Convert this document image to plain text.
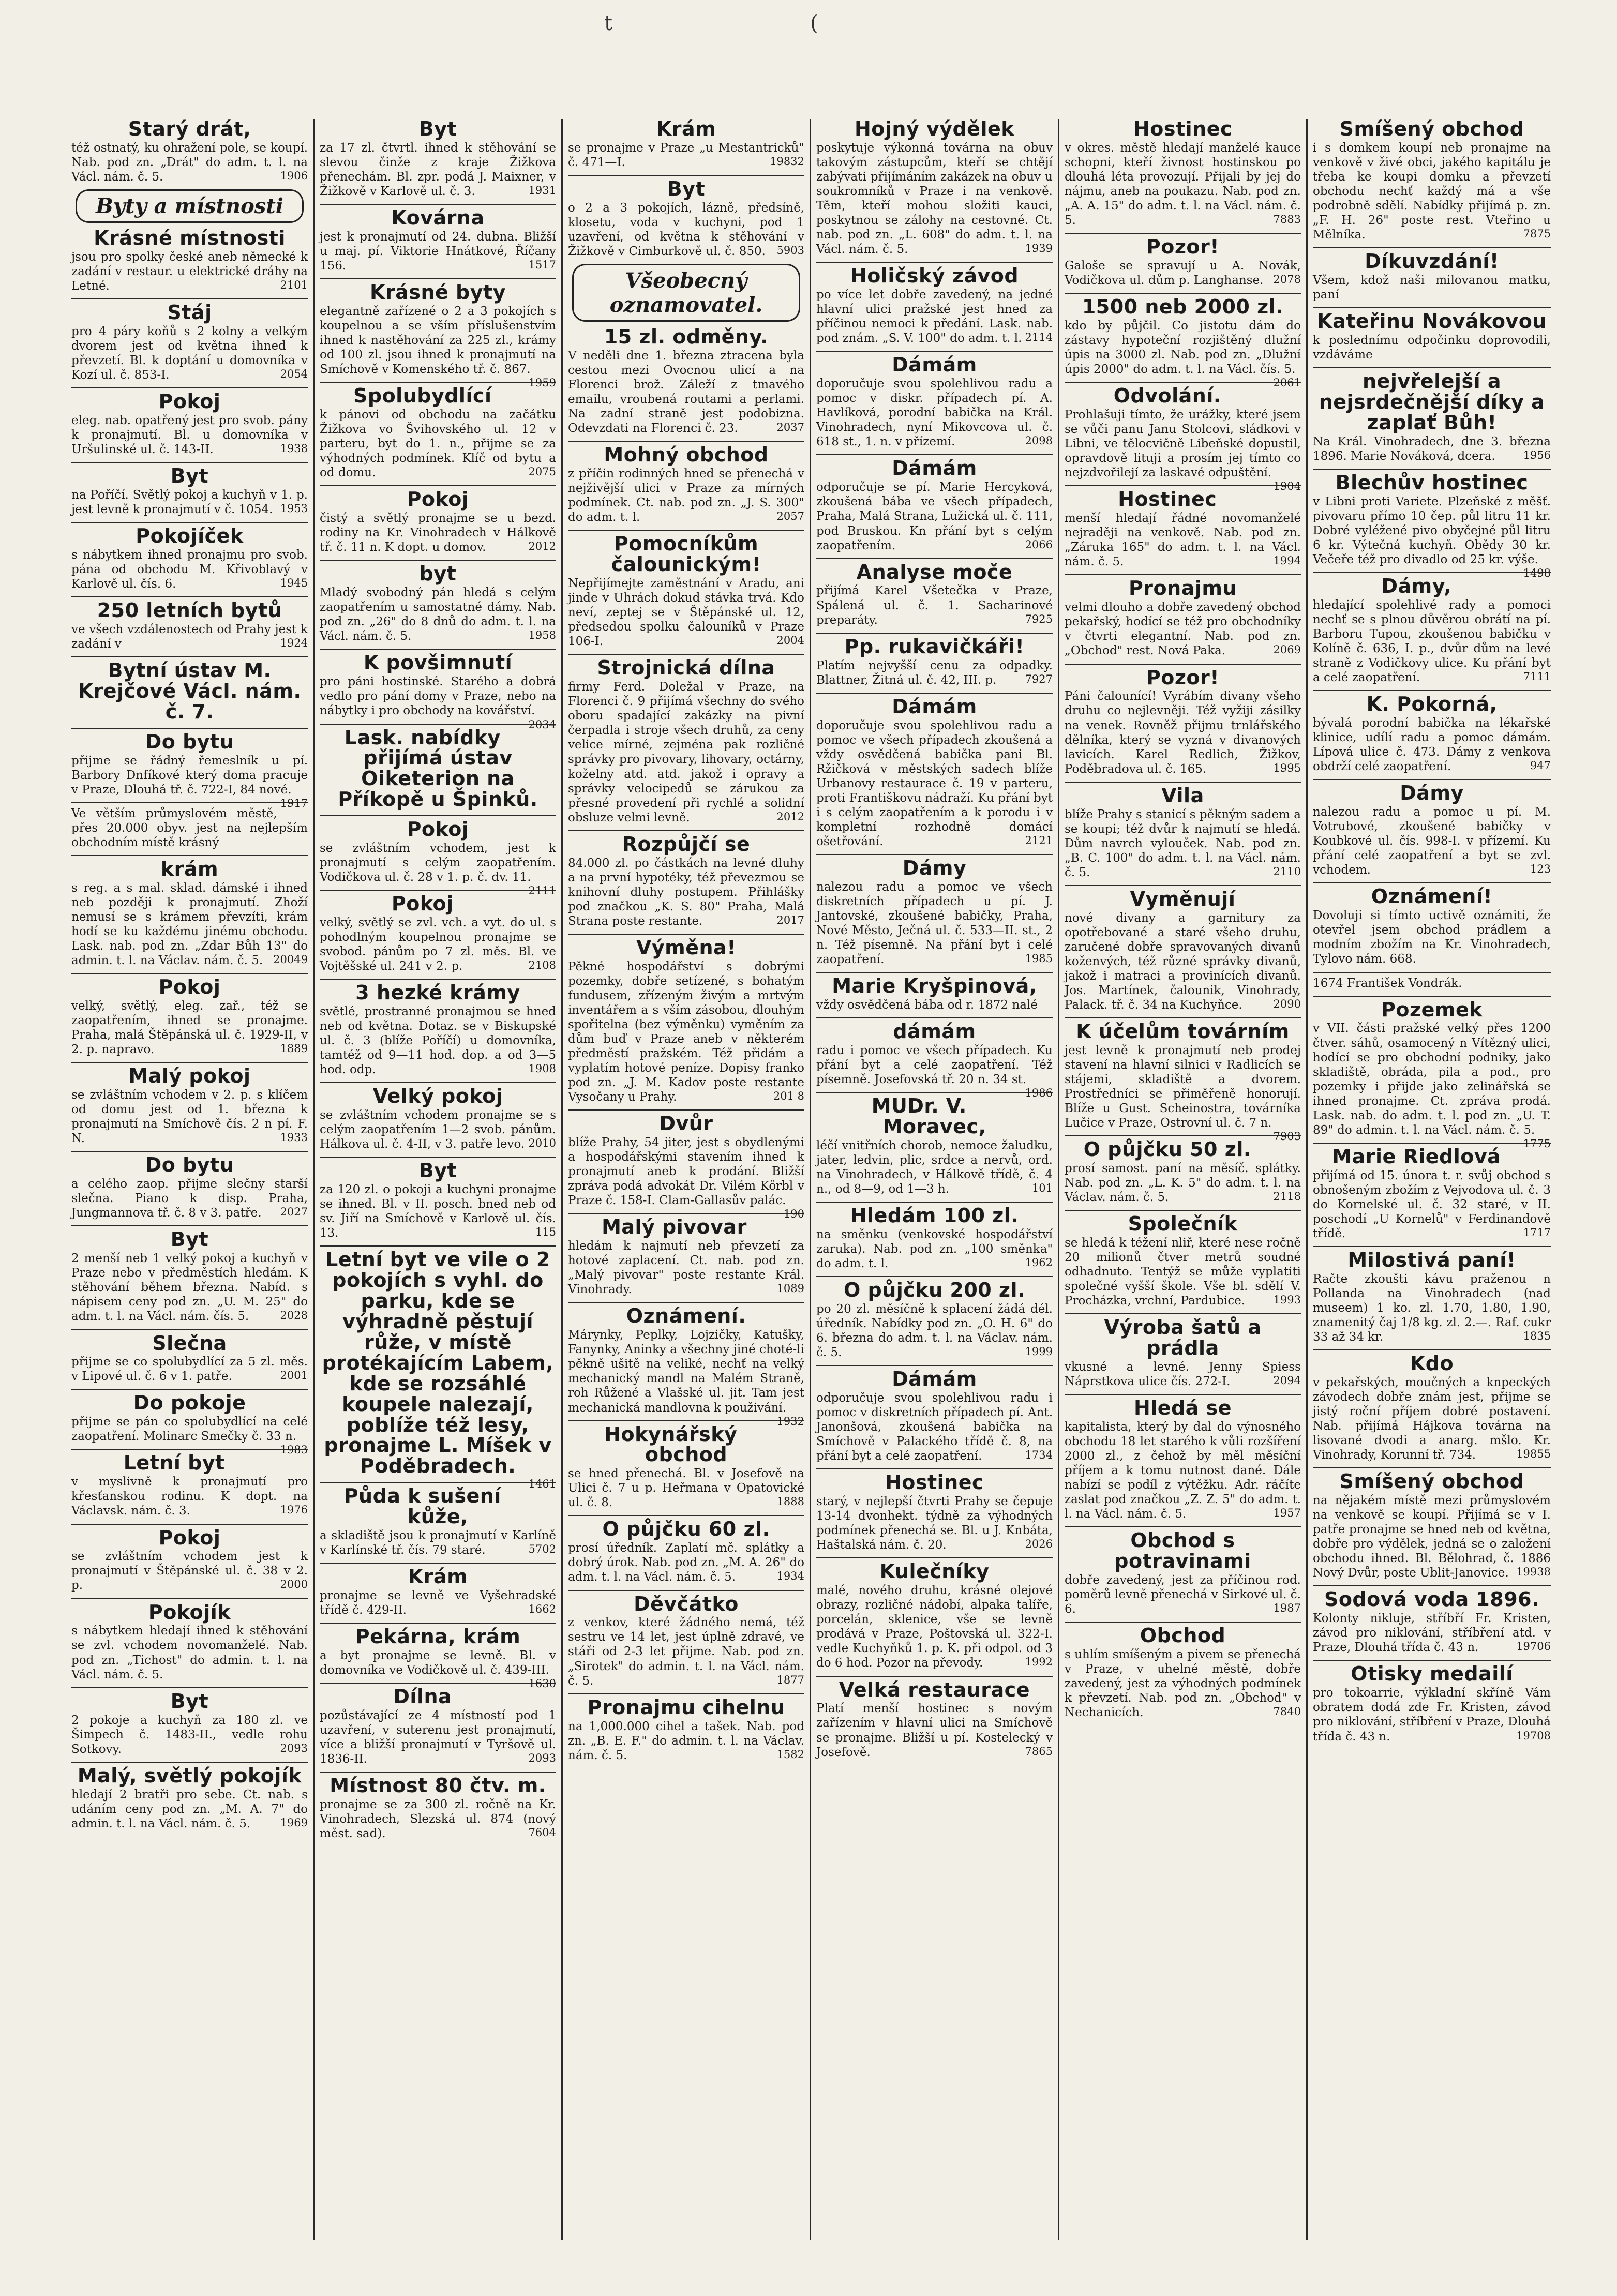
t	(
Starý drát,

též ostnatý, ku ohražení pole, se koupí. Nab. pod zn. „Drát" do adm. t. l. na Václ. nám. č. 5.	1906

Byty a místnosti
Krásné místnosti

jsou pro spolky české aneb německé k zadání v restaur. u elektrické dráhy na Letné.	2101

Stáj

pro 4 páry koňů s 2 kolny a velkým dvorem jest od května ihned k převzetí. Bl. k doptání u domovníka v Kozí ul. č. 853-I.	2054

Pokoj

eleg. nab. opatřený jest pro svob. pány k pronajmutí. Bl. u domovníka v Uršulinské ul. č. 143-II.	1938

Byt

na Poříčí. Světlý pokoj a kuchyň v 1. p. jest levně k pronajmutí v č. 1054. 1953

Pokojíček

s nábytkem ihned pronajmu pro svob. pána od obchodu M. Křivoblavý v Karlově ul. čís. 6.	1945

250 letních bytů

ve všech vzdálenostech od Prahy jest k zadání v	1924

Bytní ústav M. Krejčové Václ. nám. č. 7.
Do bytu

přijme se řádný řemeslník u pí. Barbory Dnfíkové který doma pracuje v Praze, Dlouhá tř. č. 722-I, 84 nové.
1917

Ve větším průmyslovém městě, přes 20.000 obyv. jest na nejlepším obchodním místě krásný

krám

s reg. a s mal. sklad. dámské i ihned neb později k pronajmutí. Zhoží nemusí se s krámem převzíti, krám hodí se ku každému jinému obchodu. Lask. nab. pod zn. „Zdar Bůh 13" do admin. t. l. na Václav. nám. č. 5. 20049

Pokoj

velký, světlý, eleg. zař., též se zaopatřením, ihned se pronajme. Praha, malá Štěpánská ul. č. 1929-II, v 2. p. napravo.	1889

Malý pokoj

se zvláštním vchodem v 2. p. s klíčem od domu jest od 1. března k pronajmutí na Smíchově čís. 2 n pí. F. N.	1933

Do bytu

a celého zaop. přijme slečny starší slečna. Piano k disp. Praha, Jungmannova tř. č. 8 v 3. patře. 2027

Byt

2 menší neb 1 velký pokoj a kuchyň v Praze nebo v předměstích hledám. K stěhování během března. Nabíd. s nápisem ceny pod zn. „U. M. 25" do adm. t. l. na Václ. nám. čís. 5.	2028

Slečna

přijme se co spolubydlící za 5 zl. měs. v Lipové ul. č. 6 v 1. patře.	2001

Do pokoje

přijme se pán co spolubydlící na celé zaopatření. Molinarc Smečky č. 33 n.
1983

Letní byt

v myslivně k pronajmutí pro křesťanskou rodinu. K dopt. na Václavsk. nám. č. 3.	1976

Pokoj

se zvláštním vchodem jest k pronajmutí v Štěpánské ul. č. 38 v 2. p.	2000

Pokojík

s nábytkem hledají ihned k stěhování se zvl. vchodem novomanželé. Nab. pod zn. „Tichost" do admin. t. l. na Václ. nám. č. 5.

Byt

2 pokoje a kuchyň za 180 zl. ve Šimpech č. 1483-II., vedle rohu Sotkovy.	2093

Malý, světlý pokojík

hledají 2 bratři pro sebe. Ct. nab. s udáním ceny pod zn. „M. A. 7" do admin. t. l. na Václ. nám. č. 5.	1969

Byt

za 17 zl. čtvrtl. ihned k stěhování se slevou činže z kraje Žižkova přenechám. Bl. zpr. podá J. Maixner, v Žižkově v Karlově ul. č. 3.	1931

Kovárna

jest k pronajmutí od 24. dubna. Bližší u maj. pí. Viktorie Hnátkové, Říčany 156.	1517

Krásné byty

elegantně zařízené o 2 a 3 pokojích s koupelnou a se vším příslušenstvím ihned k nastěhování za 225 zl., krámy od 100 zl. jsou ihned k pronajmutí na Smíchově v Komenského tř. č. 867.
1959

Spolubydlící

k pánovi od obchodu na začátku Žižkova vo Švihovského ul. 12 v parteru, byt do 1. n., přijme se za výhodných podmínek. Klíč od bytu a od domu.	2075

Pokoj

čistý a světlý pronajme se u bezd. rodiny na Kr. Vinohradech v Hálkově tř. č. 11 n. K dopt. u domov.	2012

byt

Mladý svobodný pán hledá s celým zaopatřením u samostatné dámy. Nab. pod zn. „26" do 8 dnů do adm. t. l. na Václ. nám. č. 5.	1958

K povšimnutí

pro páni hostinské. Starého a dobrá vedlo pro pání domy v Praze, nebo na nábytky i pro obchody na kovářství.
2034

Lask. nabídky přijímá ústav Oiketerion na Příkopě u Špinků.
Pokoj

se zvláštním vchodem, jest k pronajmutí s celým zaopatřením. Vodičkova ul. č. 28 v 1. p. č. dv. 11.
2111

Pokoj

velký, světlý se zvl. vch. a vyt. do ul. s pohodlným koupelnou pronajme se svobod. pánům po 7 zl. měs. Bl. ve Vojtěšské ul. 241 v 2. p.	2108

3 hezké krámy

světlé, prostranné pronajmou se hned neb od května. Dotaz. se v Biskupské ul. č. 3 (blíže Poříčí) u domovníka, tamtéž od 9—11 hod. dop. a od 3—5 hod. odp.	1908

Velký pokoj

se zvláštním vchodem pronajme se s celým zaopatřením 1—2 svob. pánům. Hálkova ul. č. 4-II, v 3. patře levo. 2010

Byt

za 120 zl. o pokoji a kuchyni pronajme se ihned. Bl. v II. posch. bned neb od sv. Jiří na Smíchově v Karlově ul. čís. 13.	115

Letní byt ve vile o 2 pokojích s vyhl. do parku, kde se výhradně pěstují růže, v místě protékajícím Labem, kde se rozsáhlé koupele nalezají, poblíže též lesy, pronajme L. Míšek v Poděbradech.

1461

Půda k sušení kůže,

a skladiště jsou k pronajmutí v Karlíně v Karlínské tř. čís. 79 staré.	5702

Krám

pronajme se levně ve Vyšehradské třídě č. 429-II.	1662

Pekárna, krám

a byt pronajme se levně. Bl. v domovníka ve Vodičkově ul. č. 439-III.
1630

Dílna

pozůstávající ze 4 místností pod 1 uzavření, v suterenu jest pronajmutí, více a bližší pronajmutí v Tyršově ul. 1836-II.	2093

Místnost 80 čtv. m.

pronajme se za 300 zl. ročně na Kr. Vinohradech, Slezská ul. 874 (nový měst. sad).	7604

Krám

se pronajme v Praze „u Mestantricků" č. 471—I.	19832

Byt

o 2 a 3 pokojích, lázně, předsíně, klosetu, voda v kuchyni, pod 1 uzavření, od května k stěhování v Žižkově v Cimburkově ul. č. 850. 5903

Všeobecný oznamovatel.
15 zl. odměny.

V neděli dne 1. března ztracena byla cestou mezi Ovocnou ulicí a na Florenci brož. Záleží z tmavého emailu, vroubená routami a perlami. Na zadní straně jest podobizna. Odevzdati na Florenci č. 23.	2037

Mohný obchod

z příčin rodinných hned se přenechá v nejživější ulici v Praze za mírných podmínek. Ct. nab. pod zn. „J. S. 300" do adm. t. l.	2057

Pomocníkům čalounickým!

Nepřijímejte zaměstnání v Aradu, ani jinde v Uhrách dokud stávka trvá. Kdo neví, zeptej se v Štěpánské ul. 12, předsedou spolku čalouníků v Praze 106-I.	2004

Strojnická dílna

firmy Ferd. Doležal v Praze, na Florenci č. 9 přijímá všechny do svého oboru spadající zakázky na pivní čerpadla i stroje všech druhů, za ceny velice mírné, zejména pak rozličné správky pro pivovary, lihovary, octárny, koželny atd. atd. jakož i opravy a správky velocipedů se zárukou za přesné provedení při rychlé a solidní obsluze velmi levně.	2012

Rozpůjčí se

84.000 zl. po částkách na levné dluhy a na první hypotéky, též převezmou se knihovní dluhy postupem. Přihlášky pod značkou „K. S. 80" Praha, Malá Strana poste restante.	2017

Výměna!

Pěkné hospodářství s dobrými pozemky, dobře setízené, s bohatým fundusem, zřízeným živým a mrtvým inventářem a s vším zásobou, dlouhým spořitelna (bez výměnku) vyměním za dům buď v Praze aneb v některém předměstí pražském. Též přidám a vyplatím hotové peníze. Dopisy franko pod zn. „J. M. Kadov poste restante Vysočany u Prahy.	201 8

Dvůr

blíže Prahy, 54 jiter, jest s obydlenými a hospodářskými stavením ihned k pronajmutí aneb k prodání. Bližší zpráva podá advokát Dr. Vilém Körbl v Praze č. 158-I. Clam-Gallasův palác.
190

Malý pivovar

hledám k najmutí neb převzetí za hotové zaplacení. Ct. nab. pod zn. „Malý pivovar" poste restante Král. Vinohrady.	1089

Oznámení.

Márynky, Peplky, Lojzičky, Katušky, Fanynky, Aninky a všechny jiné choté-li pěkně ušitě na veliké, nechť na velký mechanický mandl na Malém Straně, roh Růžené a Vlašské ul. jit. Tam jest mechanická mandlovna k použivání.
1932

Hokynářský obchod

se hned přenechá. Bl. v Josefově na Ulici č. 7 u p. Heřmana v Opatovické ul. č. 8.	1888

O půjčku 60 zl.

prosí úředník. Zaplatí mč. splátky a dobrý úrok. Nab. pod zn. „M. A. 26" do adm. t. l. na Václ. nám. č. 5.	1934

Děvčátko

z venkov, které žádného nemá, též sestru ve 14 let, jest úplně zdravé, ve stáři od 2-3 let přijme. Nab. pod zn. „Sirotek" do admin. t. l. na Václ. nám. č. 5.	1877

Pronajmu cihelnu

na 1,000.000 cihel a tašek. Nab. pod zn. „B. E. F." do admin. t. l. na Václav. nám. č. 5.	1582

Hojný výdělek

poskytuje výkonná továrna na obuv takovým zástupcům, kteří se chtějí zabývati přijímáním zakázek na obuv u soukromníků v Praze i na venkově. Těm, kteří mohou složiti kauci, poskytnou se zálohy na cestovné. Ct. nab. pod zn. „L. 608" do adm. t. l. na Václ. nám. č. 5.	1939

Holičský závod

po více let dobře zavedený, na jedné hlavní ulici pražské jest hned za příčinou nemoci k předání. Lask. nab. pod znám. „S. V. 100" do adm. t. l. 2114

Dámám

doporučuje svou spolehlivou radu a pomoc v diskr. případech pí. A. Havlíková, porodní babička na Král. Vinohradech, nyní Mikovcova ul. č. 618 st., 1. n. v přízemí.	2098

Dámám

odporučuje se pí. Marie Hercyková, zkoušená bába ve všech případech, Praha, Malá Strana, Lužická ul. č. 111, pod Bruskou. Kn přání byt s celým zaopatřením.	2066

Analyse moče

přijímá Karel Všetečka v Praze, Spálená ul. č. 1. Sacharinové preparáty.	7925

Pp. rukavičkáři!

Platím nejvyšší cenu za odpadky. Blattner, Žitná ul. č. 42, III. p.	7927

Dámám

doporučuje svou spolehlivou radu a pomoc ve všech případech zkoušená a vždy osvědčená babička pani Bl. Ržičková v městských sadech blíže Urbanovy restaurace č. 19 v parteru, proti Františkovu nádraží. Ku přání byt i s celým zaopatřením a k porodu i v kompletní rozhodně domácí ošetřování.	2121

Dámy

nalezou radu a pomoc ve všech diskretních případech u pí. J. Jantovské, zkoušené babičky, Praha, Nové Město, Ječná ul. č. 533—II. st., 2 n. Též písemně. Na přání byt i celé zaopatření.	1985

Marie Kryšpinová,

vždy osvědčená bába od r. 1872 nalé

dámám

radu i pomoc ve všech případech. Ku přání byt a celé zaopatření. Též písemně. Josefovská tř. 20 n. 34 st.
1986

MUDr. V. Moravec,

léčí vnitřních chorob, nemoce žaludku, jater, ledvin, plic, srdce a nervů, ord. na Vinohradech, v Hálkově třídě, č. 4 n., od 8—9, od 1—3 h.	101

Hledám 100 zl.

na směnku (venkovské hospodářství zaruka). Nab. pod zn. „100 směnka" do adm. t. l.	1962

O půjčku 200 zl.

po 20 zl. měsíčně k splacení žádá dél. úředník. Nabídky pod zn. „O. H. 6" do 6. března do adm. t. l. na Václav. nám. č. 5.	1999

Dámám

odporučuje svou spolehlivou radu i pomoc v diskretních případech pí. Ant. Janonšová, zkoušená babička na Smíchově v Palackého třídě č. 8, na přání byt a celé zaopatření.	1734

Hostinec

starý, v nejlepší čtvrti Prahy se čepuje 13-14 dvonhekt. týdně za výhodných podmínek přenechá se. Bl. u J. Knbáta, Haštalská nám. č. 20.	2026

Kulečníky

malé, nového druhu, krásné olejové obrazy, rozličné nádobí, alpaka talíře, porcelán, sklenice, vše se levně prodává v Praze, Poštovská ul. 322-I. vedle Kuchyňků 1. p. K. při odpol. od 3 do 6 hod. Pozor na převody.	1992

Velká restaurace

Platí menší hostinec s novým zařízením v hlavní ulici na Smíchově se pronajme. Bližší u pí. Kostelecký v Josefově.	7865

Hostinec

v okres. městě hledají manželé kauce schopni, kteří živnost hostinskou po dlouhá léta provozují. Přijali by jej do nájmu, aneb na poukazu. Nab. pod zn. „A. A. 15" do adm. t. l. na Václ. nám. č. 5.	7883

Pozor!

Galoše se spravují u A. Novák, Vodičkova ul. dům p. Langhanse. 2078

1500 neb 2000 zl.

kdo by půjčil. Co jistotu dám do zástavy hypoteční rozjištěný dlužní úpis na 3000 zl. Nab. pod zn. „Dlužní úpis 2000" do adm. t. l. na Václ. čís. 5.
2061

Odvolání.

Prohlašuji tímto, že urážky, které jsem se vůči panu Janu Stolcovi, sládkovi v Libni, ve tělocvičně Libeňské dopustil, opravdově lituji a prosím jej tímto co nejzdvořilejí za laskavé odpuštění.
1904

Hostinec

menší hledají řádné novomanželé nejraději na venkově. Nab. pod zn. „Záruka 165" do adm. t. l. na Václ. nám. č. 5.	1994

Pronajmu

velmi dlouho a dobře zavedený obchod pekařský, hodící se též pro obchodníky v čtvrti elegantní. Nab. pod zn. „Obchod" rest. Nová Paka.	2069

Pozor!

Páni čalounící! Vyrábím divany všeho druhu co nejlevněji. Též vyžiji zásilky na venek. Rovněž přijmu trnlářského dělníka, který se vyzná v divanových lavicích. Karel Redlich, Žižkov, Poděbradova ul. č. 165.	1995

Vila

blíže Prahy s stanicí s pěkným sadem a se koupi; též dvůr k najmutí se hledá. Dům navrch vylouček. Nab. pod zn. „B. C. 100" do adm. t. l. na Václ. nám. č. 5.	2110

Vyměnují

nové divany a garnitury za opotřebované a staré všeho druhu, zaručené dobře spravovaných divanů koženvých, též různé správky divanů, jakož i matraci a provinících divanů. Jos. Martínek, čalounik, Vinohrady, Palack. tř. č. 34 na Kuchyňce.	2090

K účelům továrním

jest levně k pronajmutí neb prodej stavení na hlavní silnici v Radlicích se stájemi, skladiště a dvorem. Prostředníci se přiměřeně honorují. Blíže u Gust. Scheinostra, továrníka Lučice v Praze, Ostrovní ul. č. 7 n.
7903

O půjčku 50 zl.

prosí samost. paní na měsíč. splátky. Nab. pod zn. „L. K. 5" do adm. t. l. na Václav. nám. č. 5.	2118

Společník

se hledá k téžení nliř, které nese ročně 20 milionů čtver metrů soudné odhadnuto. Tentýž se může vyplatiti společné vyšší škole. Vše bl. sdělí V. Procházka, vrchní, Pardubice.	1993

Výroba šatů a prádla

vkusné a levné. Jenny Spiess Náprstkova ulice čís. 272-I.	2094

Hledá se

kapitalista, který by dal do výnosného obchodu 18 let starého k vůli rozšíření 2000 zl., z čehož by měl měsíční příjem a k tomu nutnost dané. Dále nabízí se podíl z výtěžku. Adr. ráčíte zaslat pod značkou „Z. Z. 5" do adm. t. l. na Václ. nám. č. 5.	1957

Obchod s potravinami

dobře zavedený, jest za příčinou rod. poměrů levně přenechá v Sirkové ul. č. 6.	1987

Obchod

s uhlím smíšeným a pivem se přenechá v Praze, v uhelné městě, dobře zavedený, jest za výhodných podmínek k převzetí. Nab. pod zn. „Obchod" v Nechanicích.	7840

Smíšený obchod

i s domkem koupí neb pronajme na venkově v živé obci, jakého kapitálu je třeba ke koupi domku a převzetí obchodu nechť každý má a vše podrobně sdělí. Nabídky přijímá p. zn. „F. H. 26" poste rest. Vteřino u Mělníka.	7875

Díkuvzdání!

Všem, kdož naši milovanou matku, paní

Kateřinu Novákovou

k poslednímu odpočinku doprovodili, vzdáváme

nejvřelejší a nejsrdečnější díky a zaplať Bůh!

Na Král. Vinohradech, dne 3. března 1896. Marie Nováková, dcera.	1956

Blechův hostinec

v Libni proti Variete. Plzeňské z měšť. pivovaru přímo 10 čep. půl litru 11 kr. Dobré vyléžené pivo obyčejné půl litru 6 kr. Výtečná kuchyň. Obědy 30 kr. Večeře též pro divadlo od 25 kr. výše.
1498

Dámy,

hledající spolehlivé rady a pomoci nechť se s plnou důvěrou obrátí na pí. Barboru Tupou, zkoušenou babičku v Kolíně č. 636, I. p., dvůr dům na levé straně z Vodičkovy ulice. Ku přání byt a celé zaopatření.	7111

K. Pokorná,

bývalá porodní babička na lékařské klinice, udílí radu a pomoc dámám. Lípová ulice č. 473. Dámy z venkova obdrží celé zaopatření.	947

Dámy

nalezou radu a pomoc u pí. M. Votrubové, zkoušené babičky v Koubkové ul. čís. 998-I. v přízemí. Ku přání celé zaopatření a byt se zvl. vchodem.	123

Oznámení!

Dovoluji si tímto uctivě oznámiti, že otevřel jsem obchod prádlem a modním zbožím na Kr. Vinohradech, Tylovo nám. 668.

1674 František Vondrák.

Pozemek

v VII. části pražské velký přes 1200 čtver. sáhů, osamocený n Vítězný ulici, hodící se pro obchodní podniky, jako skladiště, obráda, pila a pod., pro pozemky i přijde jako zelinářská se ihned pronajme. Ct. zpráva prodá. Lask. nab. do adm. t. l. pod zn. „U. T. 89" do admin. t. l. na Václ. nám. č. 5.
1775

Marie Riedlová

přijímá od 15. února t. r. svůj obchod s obnošeným zbožím z Vejvodova ul. č. 3 do Kornelské ul. č. 32 staré, v II. poschodí „U Kornelů" v Ferdinandově třídě.	1717

Milostivá paní!

Račte zkoušti kávu praženou n Pollanda na Vinohradech (nad museem) 1 ko. zl. 1.70, 1.80, 1.90, znamenitý čaj 1/8 kg. zl. 2.—. Raf. cukr 33 až 34 kr.	1835

Kdo

v pekařských, moučných a knpeckých závodech dobře znám jest, přijme se jistý roční příjem dobré postavení. Nab. přijímá Hájkova továrna na lisované dvodi a anarg. mšlo. Kr. Vinohrady, Korunní tř. 734.	19855

Smíšený obchod

na nějakém místě mezi průmyslovém na venkově se koupí. Přijímá se v I. patře pronajme se hned neb od května, dobře pro výdělek, jedná se o založení obchodu ihned. Bl. Bělohrad, č. 1886 Nový Dvůr, poste Ublit-Janovice. 19938

Sodová voda 1896.

Kolonty nikluje, stříbří Fr. Kristen, závod pro niklování, stříbření atd. v Praze, Dlouhá třída č. 43 n.	19706

Otisky medailí

pro tokoarrie, výkladní skříně Vám obratem dodá zde Fr. Kristen, závod pro niklování, stříbření v Praze, Dlouhá třída č. 43 n.	19708
